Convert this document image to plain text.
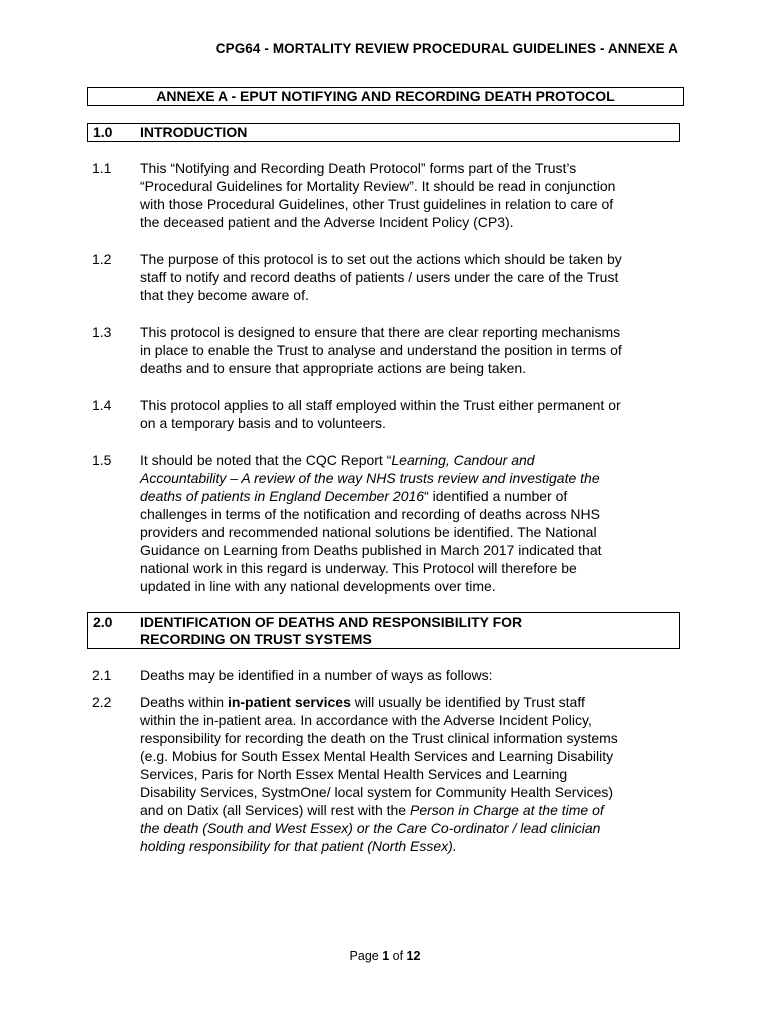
CPG64 - MORTALITY REVIEW PROCEDURAL GUIDELINES - ANNEXE A
ANNEXE A - EPUT NOTIFYING AND RECORDING DEATH PROTOCOL
1.0 INTRODUCTION
1.1 This “Notifying and Recording Death Protocol” forms part of the Trust’s
“Procedural Guidelines for Mortality Review”. It should be read in conjunction
with those Procedural Guidelines, other Trust guidelines in relation to care of
the deceased patient and the Adverse Incident Policy (CP3).
1.2 The purpose of this protocol is to set out the actions which should be taken by
staff to notify and record deaths of patients / users under the care of the Trust
that they become aware of.
1.3 This protocol is designed to ensure that there are clear reporting mechanisms
in place to enable the Trust to analyse and understand the position in terms of
deaths and to ensure that appropriate actions are being taken.
1.4 This protocol applies to all staff employed within the Trust either permanent or
on a temporary basis and to volunteers.
1.5 It should be noted that the CQC Report “Learning, Candour and
Accountability – A review of the way NHS trusts review and investigate the
deaths of patients in England December 2016“ identified a number of
challenges in terms of the notification and recording of deaths across NHS
providers and recommended national solutions be identified. The National
Guidance on Learning from Deaths published in March 2017 indicated that
national work in this regard is underway. This Protocol will therefore be
updated in line with any national developments over time.
2.0 IDENTIFICATION OF DEATHS AND RESPONSIBILITY FOR
RECORDING ON TRUST SYSTEMS
2.1 Deaths may be identified in a number of ways as follows:
2.2 Deaths within in-patient services will usually be identified by Trust staff
within the in-patient area. In accordance with the Adverse Incident Policy,
responsibility for recording the death on the Trust clinical information systems
(e.g. Mobius for South Essex Mental Health Services and Learning Disability
Services, Paris for North Essex Mental Health Services and Learning
Disability Services, SystmOne/ local system for Community Health Services)
and on Datix (all Services) will rest with the Person in Charge at the time of
the death (South and West Essex) or the Care Co-ordinator / lead clinician
holding responsibility for that patient (North Essex).
Page 1 of 12
